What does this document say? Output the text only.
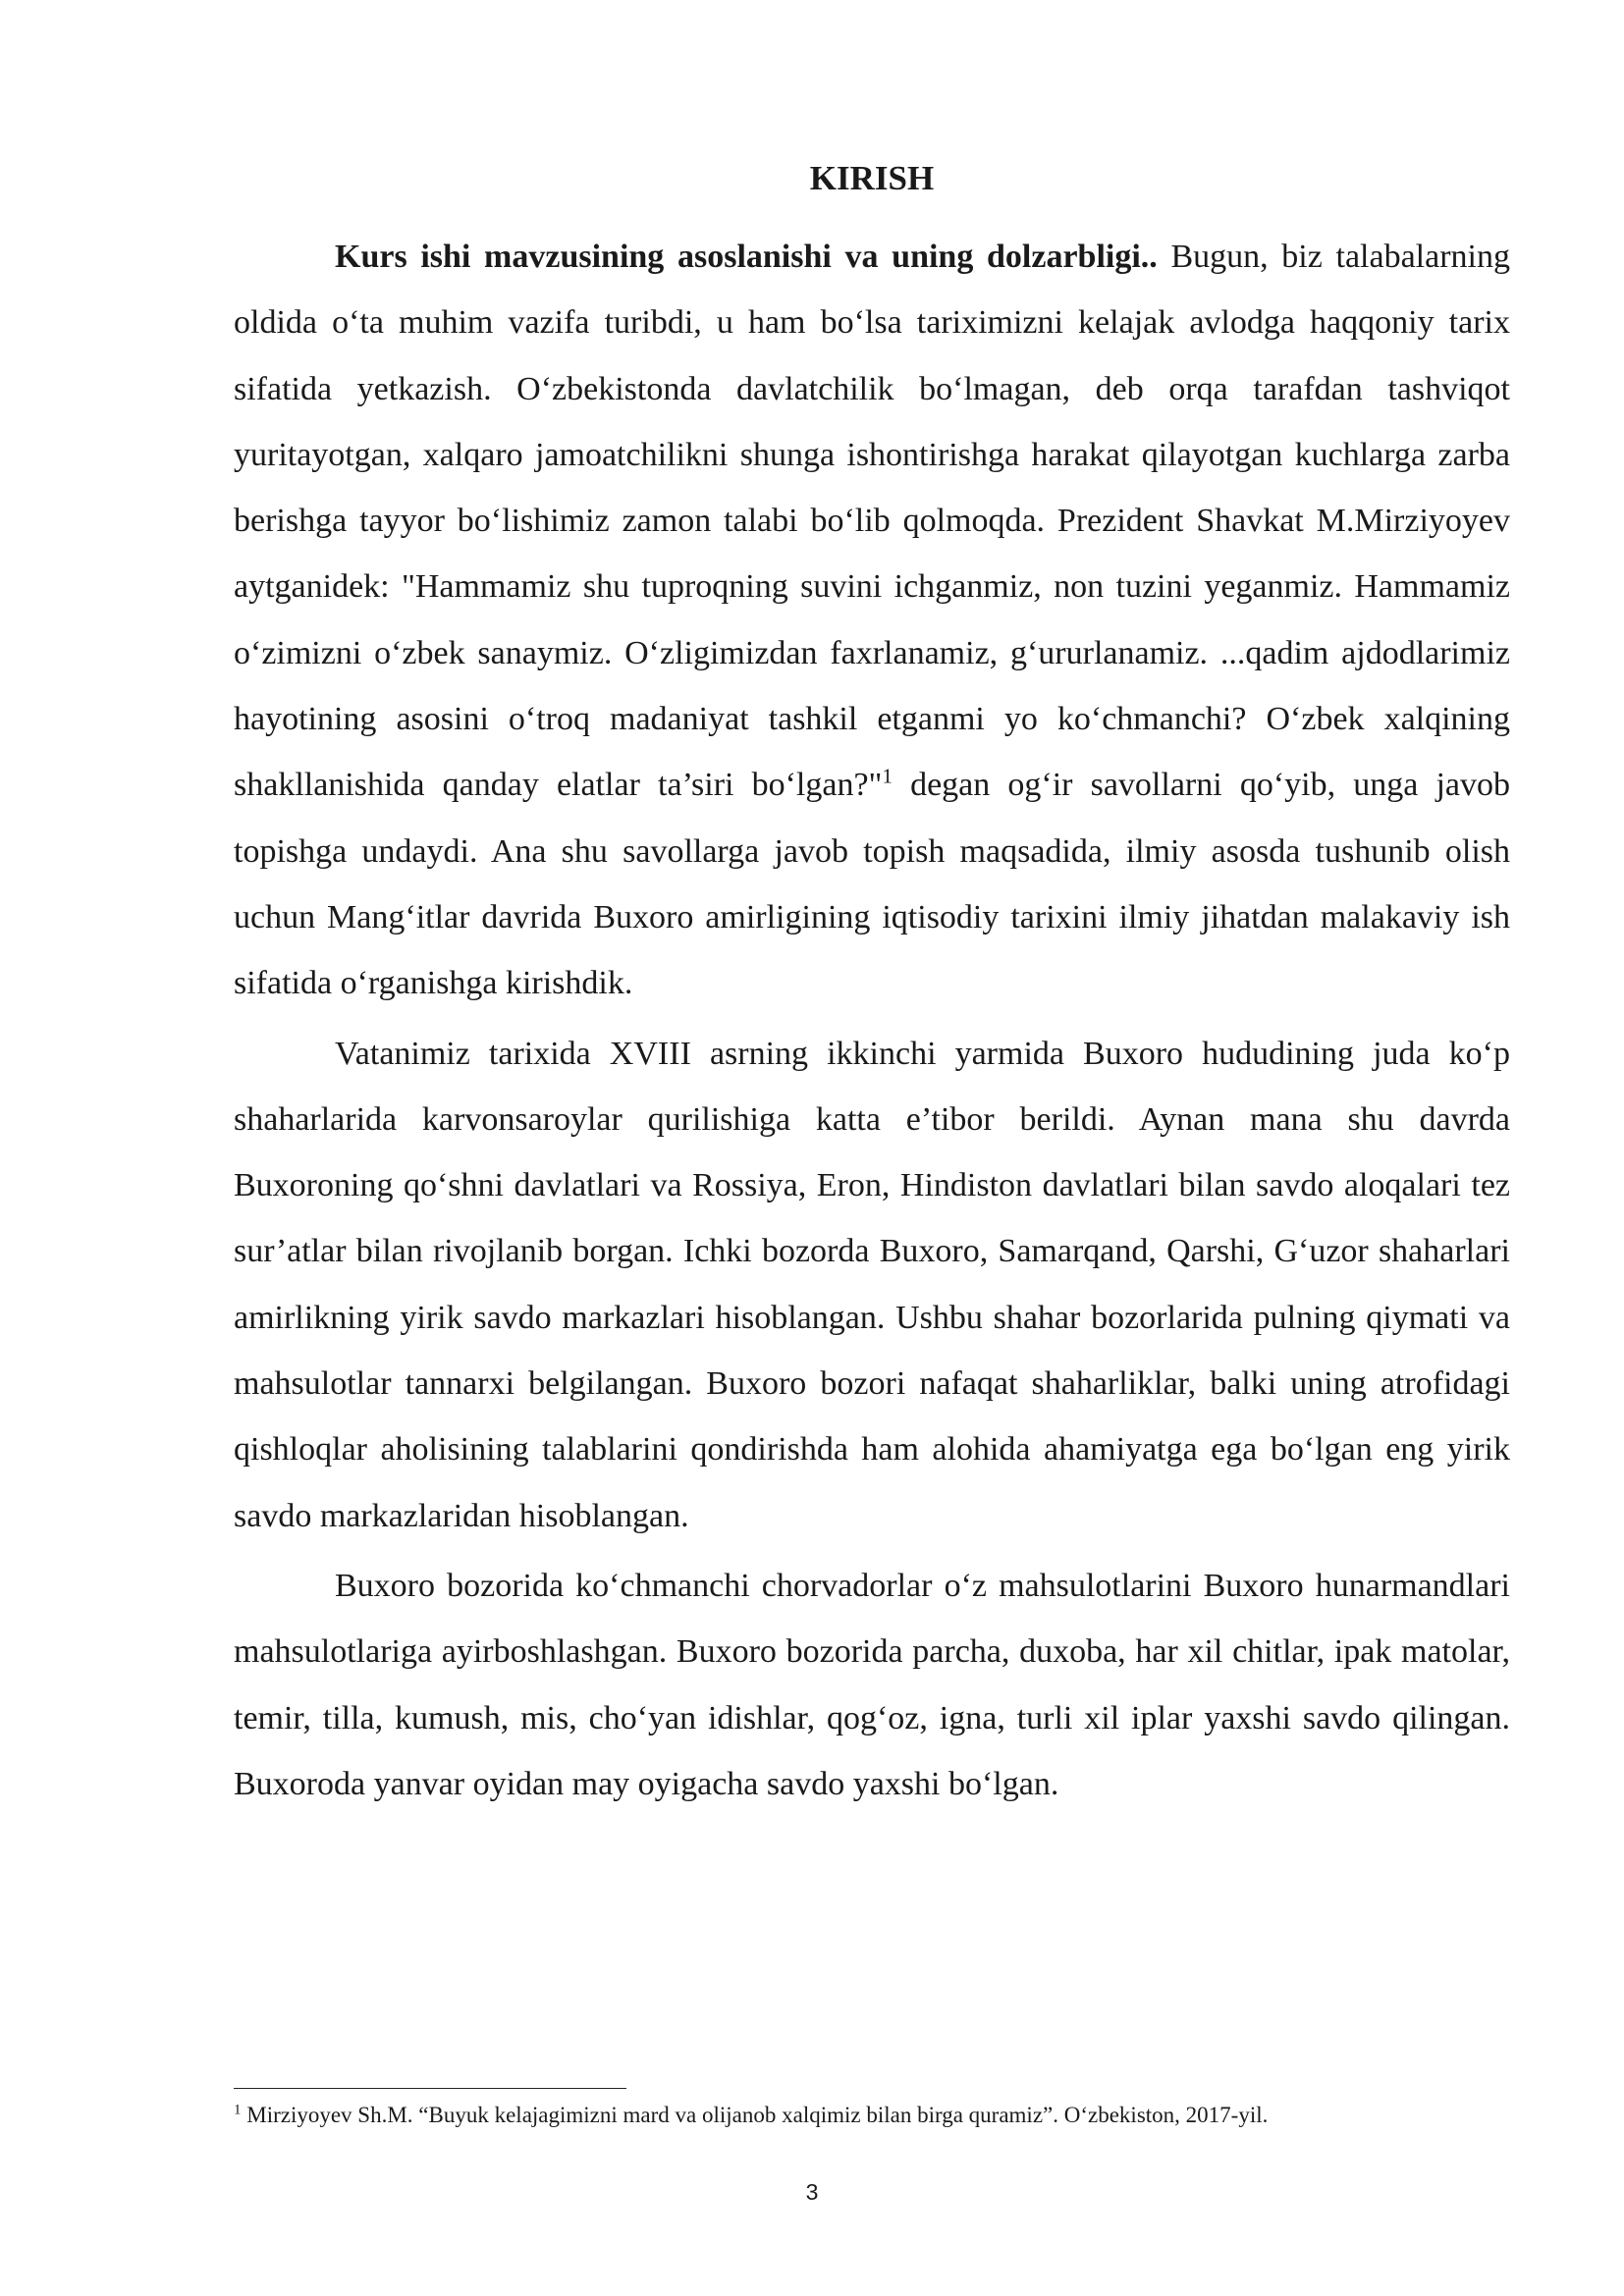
KIRISH

Kurs ishi mavzusining asoslanishi va uning dolzarbligi.. Bugun, biz talabalarning oldida o‘ta muhim vazifa turibdi, u ham bo‘lsa tariximizni kelajak avlodga haqqoniy tarix sifatida yetkazish. O‘zbekistonda davlatchilik bo‘lmagan, deb orqa tarafdan tashviqot yuritayotgan, xalqaro jamoatchilikni shunga ishontirishga harakat qilayotgan kuchlarga zarba berishga tayyor bo‘lishimiz zamon talabi bo‘lib qolmoqda. Prezident Shavkat M.Mirziyoyev aytganidek: "Hammamiz shu tuproqning suvini ichganmiz, non tuzini yeganmiz. Hammamiz o‘zimizni o‘zbek sanaymiz. O‘zligimizdan faxrlanamiz, g‘ururlanamiz. ...qadim ajdodlarimiz hayotining asosini o‘troq madaniyat tashkil etganmi yo ko‘chmanchi? O‘zbek xalqining shakllanishida qanday elatlar ta’siri bo‘lgan?"$^1$ degan og‘ir savollarni qo‘yib, unga javob topishga undaydi. Ana shu savollarga javob topish maqsadida, ilmiy asosda tushunib olish uchun Mang‘itlar davrida Buxoro amirligining iqtisodiy tarixini ilmiy jihatdan malakaviy ish sifatida o‘rganishga kirishdik.

Vatanimiz tarixida XVIII asrning ikkinchi yarmida Buxoro hududining juda ko‘p shaharlarida karvonsaroylar qurilishiga katta e’tibor berildi. Aynan mana shu davrda Buxoroning qo‘shni davlatlari va Rossiya, Eron, Hindiston davlatlari bilan savdo aloqalari tez sur’atlar bilan rivojlanib borgan. Ichki bozorda Buxoro, Samarqand, Qarshi, G‘uzor shaharlari amirlikning yirik savdo markazlari hisoblangan. Ushbu shahar bozorlarida pulning qiymati va mahsulotlar tannarxi belgilangan. Buxoro bozori nafaqat shaharliklar, balki uning atrofidagi qishloqlar aholisining talablarini qondirishda ham alohida ahamiyatga ega bo‘lgan eng yirik savdo markazlaridan hisoblangan.

Buxoro bozorida ko‘chmanchi chorvadorlar o‘z mahsulotlarini Buxoro hunarmandlari mahsulotlariga ayirboshlashgan. Buxoro bozorida parcha, duxoba, har xil chitlar, ipak matolar, temir, tilla, kumush, mis, cho‘yan idishlar, qog‘oz, igna, turli xil iplar yaxshi savdo qilingan. Buxoroda yanvar oyidan may oyigacha savdo yaxshi bo‘lgan.

$^1$ Mirziyoyev Sh.M. “Buyuk kelajagimizni mard va olijanob xalqimiz bilan birga quramiz”. O‘zbekiston, 2017-yil.
3
